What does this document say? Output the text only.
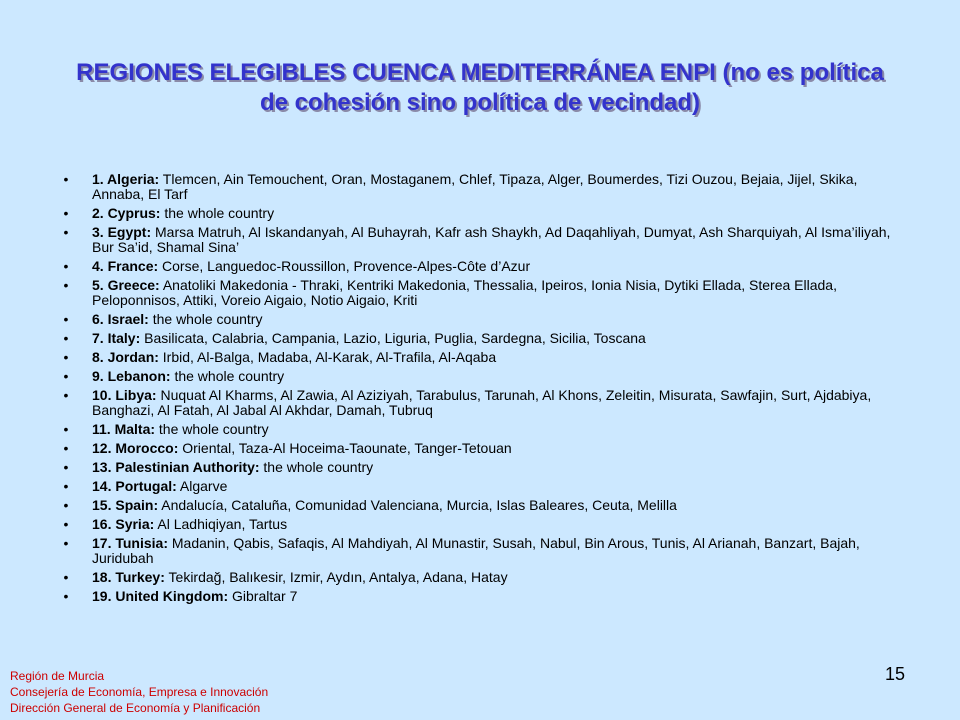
REGIONES ELEGIBLES CUENCA MEDITERRÁNEA ENPI (no es política de cohesión sino política de vecindad)
• 1. Algeria: Tlemcen, Ain Temouchent, Oran, Mostaganem, Chlef, Tipaza, Alger, Boumerdes, Tizi Ouzou, Bejaia, Jijel, Skika, Annaba, El Tarf
• 2. Cyprus: the whole country
• 3. Egypt: Marsa Matruh, Al Iskandanyah, Al Buhayrah, Kafr ash Shaykh, Ad Daqahliyah, Dumyat, Ash Sharquiyah, Al Isma’iliyah, Bur Sa’id, Shamal Sina’
• 4. France: Corse, Languedoc-Roussillon, Provence-Alpes-Côte d’Azur
• 5. Greece: Anatoliki Makedonia - Thraki, Kentriki Makedonia, Thessalia, Ipeiros, Ionia Nisia, Dytiki Ellada, Sterea Ellada, Peloponnisos, Attiki, Voreio Aigaio, Notio Aigaio, Kriti
• 6. Israel: the whole country
• 7. Italy: Basilicata, Calabria, Campania, Lazio, Liguria, Puglia, Sardegna, Sicilia, Toscana
• 8. Jordan: Irbid, Al-Balga, Madaba, Al-Karak, Al-Trafila, Al-Aqaba
• 9. Lebanon: the whole country
• 10. Libya: Nuquat Al Kharms, Al Zawia, Al Aziziyah, Tarabulus, Tarunah, Al Khons, Zeleitin, Misurata, Sawfajin, Surt, Ajdabiya, Banghazi, Al Fatah, Al Jabal Al Akhdar, Damah, Tubruq
• 11. Malta: the whole country
• 12. Morocco: Oriental, Taza-Al Hoceima-Taounate, Tanger-Tetouan
• 13. Palestinian Authority: the whole country
• 14. Portugal: Algarve
• 15. Spain: Andalucía, Cataluña, Comunidad Valenciana, Murcia, Islas Baleares, Ceuta, Melilla
• 16. Syria: Al Ladhiqiyan, Tartus
• 17. Tunisia: Madanin, Qabis, Safaqis, Al Mahdiyah, Al Munastir, Susah, Nabul, Bin Arous, Tunis, Al Arianah, Banzart, Bajah, Juridubah
• 18. Turkey: Tekirdağ, Balıkesir, Izmir, Aydın, Antalya, Adana, Hatay
• 19. United Kingdom: Gibraltar 7
Región de Murcia
Consejería de Economía, Empresa e Innovación
Dirección General de Economía y Planificación
15
